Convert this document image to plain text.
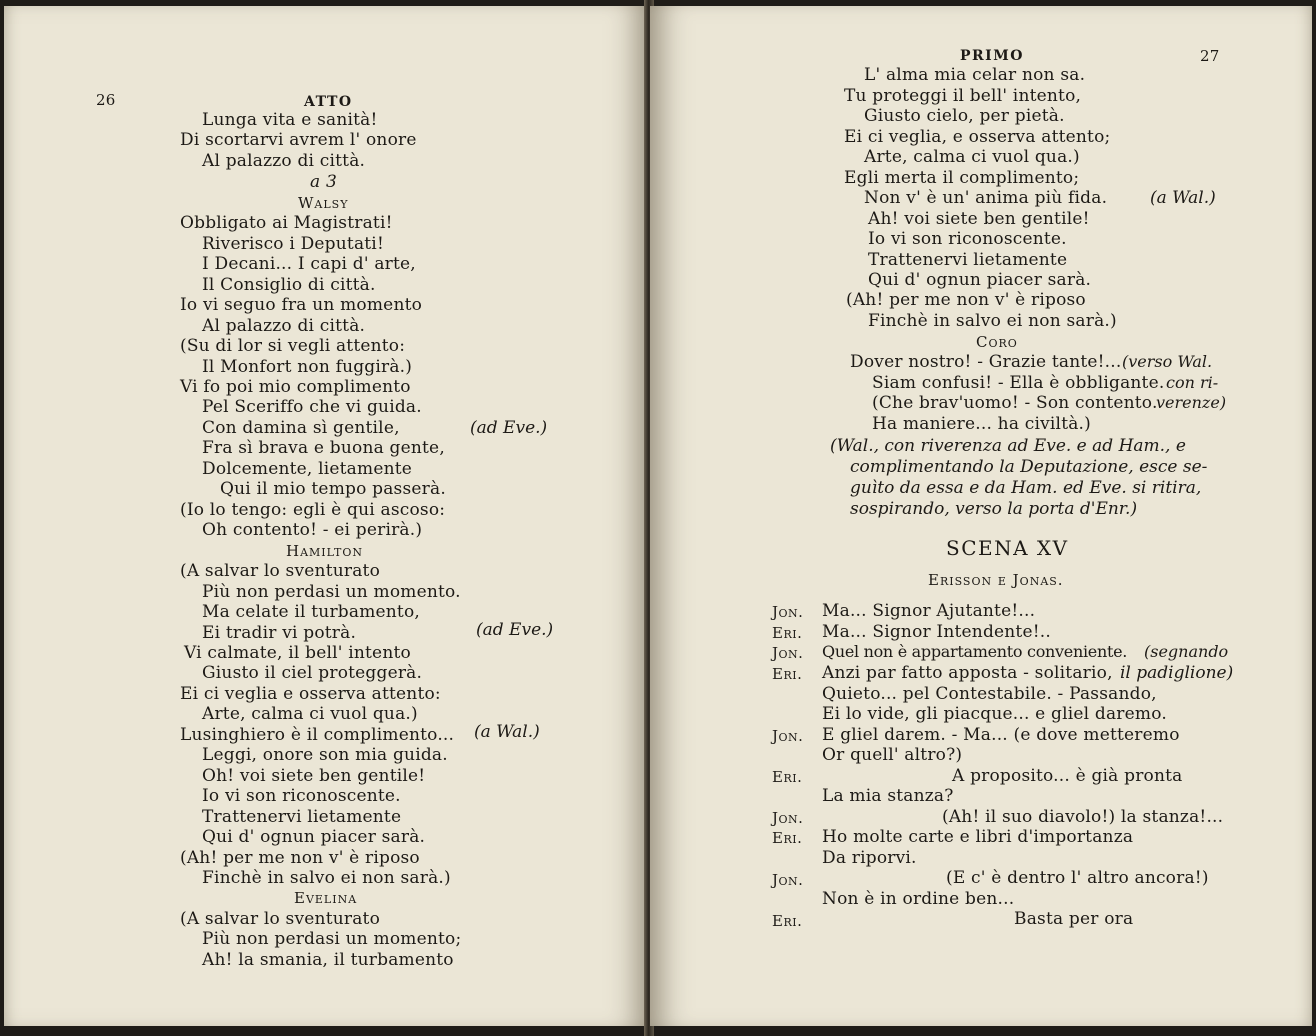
26	ATTO
Lunga vita e sanità!
Di scortarvi avrem l' onore
Al palazzo di città.
a 3
Walsy
Obbligato ai Magistrati!
Riverisco i Deputati!
I Decani... I capi d' arte,
Il Consiglio di città.
Io vi seguo fra un momento
Al palazzo di città.
(Su di lor si vegli attento:
Il Monfort non fuggirà.)
Vi fo poi mio complimento
Pel Sceriffo che vi guida.
Con damina sì gentile,	(ad Eve.)
Fra sì brava e buona gente,
Dolcemente, lietamente
Qui il mio tempo passerà.
(Io lo tengo: egli è qui ascoso:
Oh contento! - ei perirà.)
Hamilton
(A salvar lo sventurato
Più non perdasi un momento.
Ma celate il turbamento,
Ei tradir vi potrà.	(ad Eve.)
Vi calmate, il bell' intento
Giusto il ciel proteggerà.
Ei ci veglia e osserva attento:
Arte, calma ci vuol qua.)
Lusinghiero è il complimento... (a Wal.)
Leggi, onore son mia guida.
Oh! voi siete ben gentile!
Io vi son riconoscente.
Trattenervi lietamente
Qui d' ognun piacer sarà.
(Ah! per me non v' è riposo
Finchè in salvo ei non sarà.)
Evelina
(A salvar lo sventurato
Più non perdasi un momento;
Ah! la smania, il turbamento
PRIMO	27
L' alma mia celar non sa.
Tu proteggi il bell' intento,
Giusto cielo, per pietà.
Ei ci veglia, e osserva attento;
Arte, calma ci vuol qua.)
Egli merta il complimento;
Non v' è un' anima più fida.	(a Wal.)
Ah! voi siete ben gentile!
Io vi son riconoscente.
Trattenervi lietamente
Qui d' ognun piacer sarà.
(Ah! per me non v' è riposo
Finchè in salvo ei non sarà.)
Coro
Dover nostro! - Grazie tante!... (verso Wal.
Siam confusi! - Ella è obbligante. con ri-
(Che brav'uomo! - Son contento.
verenze)
Ha maniere... ha civiltà.)
(Wal., con riverenza ad Eve. e ad Ham., e
complimentando la Deputazione, esce se-
guìto da essa e da Ham. ed Eve. si ritira,
sospirando, verso la porta d'Enr.)
SCENA XV
Erisson e Jonas.
Jon. Ma... Signor Ajutante!...
Eri. Ma... Signor Intendente!..
Jon. Quel non è appartamento conveniente. (segnando
Eri. Anzi par fatto apposta - solitario, il padiglione)
Quieto... pel Contestabile. - Passando,
Ei lo vide, gli piacque... e gliel daremo.
Jon. E gliel darem. - Ma... (e dove metteremo
Or quell' altro?)
Eri.	A proposito... è già pronta
La mia stanza?
Jon.	(Ah! il suo diavolo!) la stanza!...
Eri. Ho molte carte e libri d'importanza
Da riporvi.
Jon.	(E c' è dentro l' altro ancora!)
Non è in ordine ben...
Eri.	Basta per ora
